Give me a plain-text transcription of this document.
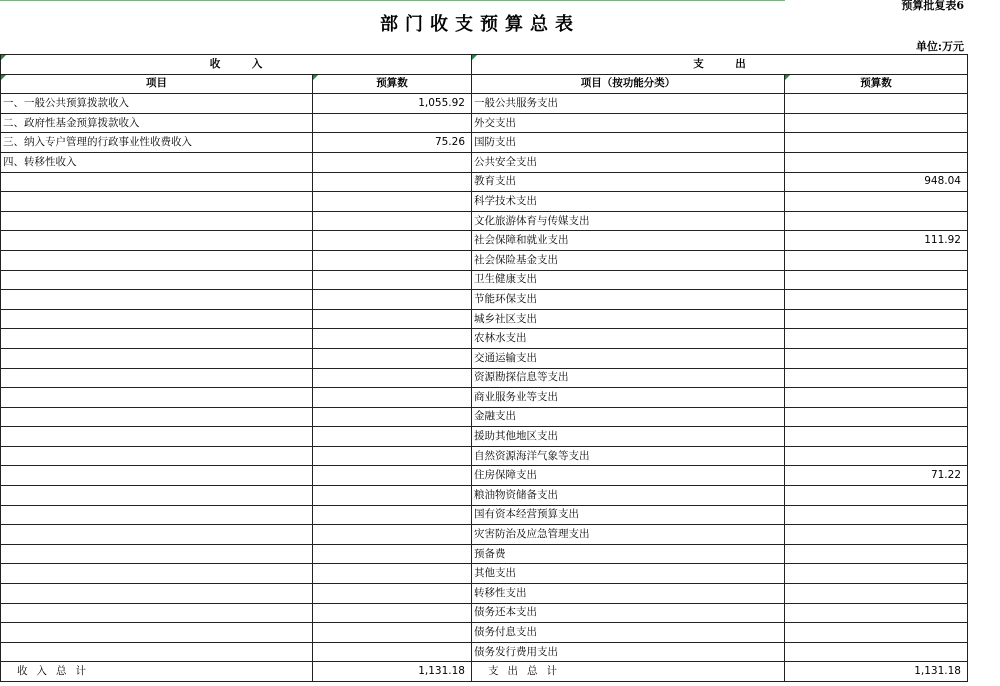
预算批复表6
部门收支预算总表
单位:万元
收　　　入		支　　　出	

项目	预算数	项目（按功能分类）	预算数
一、一般公共预算拨款收入	1,055.92	一般公共服务支出	
二、政府性基金预算拨款收入		外交支出	
三、纳入专户管理的行政事业性收费收入	75.26	国防支出	
四、转移性收入		公共安全支出	
		教育支出	948.04
		科学技术支出	
		文化旅游体育与传媒支出	
		社会保障和就业支出	111.92
		社会保险基金支出	
		卫生健康支出	
		节能环保支出	
		城乡社区支出	
		农林水支出	
		交通运输支出	
		资源勘探信息等支出	
		商业服务业等支出	
		金融支出	
		援助其他地区支出	
		自然资源海洋气象等支出	
		住房保障支出	71.22
		粮油物资储备支出	
		国有资本经营预算支出	
		灾害防治及应急管理支出	
		预备费	
		其他支出	
		转移性支出	
		债务还本支出	
		债务付息支出	
		债务发行费用支出	
收入总计	1,131.18	支出总计	1,131.18
